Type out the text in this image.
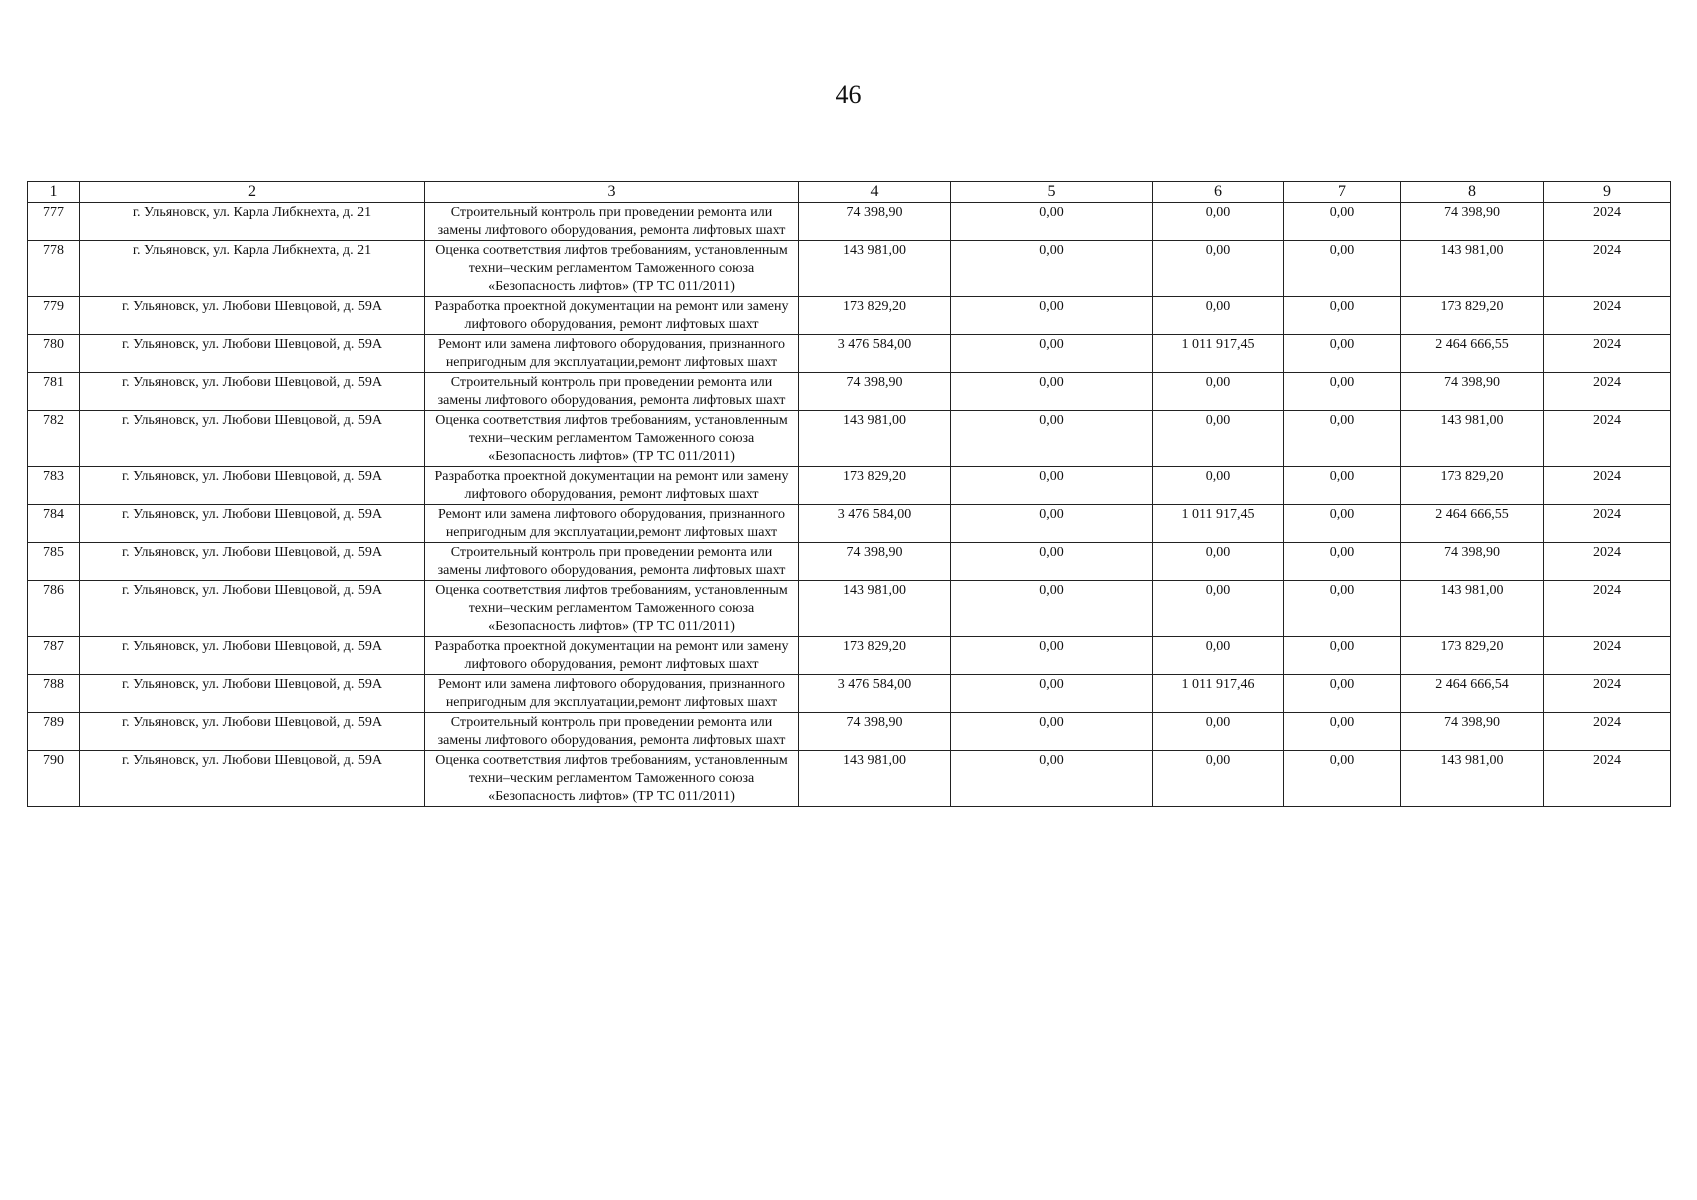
46
1	2	3	4	5	6	7	8	9
777	г. Ульяновск, ул. Карла Либкнехта, д. 21	Строительный контроль при проведении ремонта или замены лифтового оборудования, ремонта лифтовых шахт	74 398,90	0,00	0,00	0,00	74 398,90	2024
778	г. Ульяновск, ул. Карла Либкнехта, д. 21	Оценка соответствия лифтов требованиям, установленным техни–ческим регламентом Таможенного союза «Безопасность лифтов» (ТР ТС 011/2011)	143 981,00	0,00	0,00	0,00	143 981,00	2024
779	г. Ульяновск, ул. Любови Шевцовой, д. 59А	Разработка проектной документации на ремонт или замену лифтового оборудования, ремонт лифтовых шахт	173 829,20	0,00	0,00	0,00	173 829,20	2024
780	г. Ульяновск, ул. Любови Шевцовой, д. 59А	Ремонт или замена лифтового оборудования, признанного непригодным для эксплуатации,ремонт лифтовых шахт	3 476 584,00	0,00	1 011 917,45	0,00	2 464 666,55	2024
781	г. Ульяновск, ул. Любови Шевцовой, д. 59А	Строительный контроль при проведении ремонта или замены лифтового оборудования, ремонта лифтовых шахт	74 398,90	0,00	0,00	0,00	74 398,90	2024
782	г. Ульяновск, ул. Любови Шевцовой, д. 59А	Оценка соответствия лифтов требованиям, установленным техни–ческим регламентом Таможенного союза «Безопасность лифтов» (ТР ТС 011/2011)	143 981,00	0,00	0,00	0,00	143 981,00	2024
783	г. Ульяновск, ул. Любови Шевцовой, д. 59А	Разработка проектной документации на ремонт или замену лифтового оборудования, ремонт лифтовых шахт	173 829,20	0,00	0,00	0,00	173 829,20	2024
784	г. Ульяновск, ул. Любови Шевцовой, д. 59А	Ремонт или замена лифтового оборудования, признанного непригодным для эксплуатации,ремонт лифтовых шахт	3 476 584,00	0,00	1 011 917,45	0,00	2 464 666,55	2024
785	г. Ульяновск, ул. Любови Шевцовой, д. 59А	Строительный контроль при проведении ремонта или замены лифтового оборудования, ремонта лифтовых шахт	74 398,90	0,00	0,00	0,00	74 398,90	2024
786	г. Ульяновск, ул. Любови Шевцовой, д. 59А	Оценка соответствия лифтов требованиям, установленным техни–ческим регламентом Таможенного союза «Безопасность лифтов» (ТР ТС 011/2011)	143 981,00	0,00	0,00	0,00	143 981,00	2024
787	г. Ульяновск, ул. Любови Шевцовой, д. 59А	Разработка проектной документации на ремонт или замену лифтового оборудования, ремонт лифтовых шахт	173 829,20	0,00	0,00	0,00	173 829,20	2024
788	г. Ульяновск, ул. Любови Шевцовой, д. 59А	Ремонт или замена лифтового оборудования, признанного непригодным для эксплуатации,ремонт лифтовых шахт	3 476 584,00	0,00	1 011 917,46	0,00	2 464 666,54	2024
789	г. Ульяновск, ул. Любови Шевцовой, д. 59А	Строительный контроль при проведении ремонта или замены лифтового оборудования, ремонта лифтовых шахт	74 398,90	0,00	0,00	0,00	74 398,90	2024
790	г. Ульяновск, ул. Любови Шевцовой, д. 59А	Оценка соответствия лифтов требованиям, установленным техни–ческим регламентом Таможенного союза «Безопасность лифтов» (ТР ТС 011/2011)	143 981,00	0,00	0,00	0,00	143 981,00	2024
